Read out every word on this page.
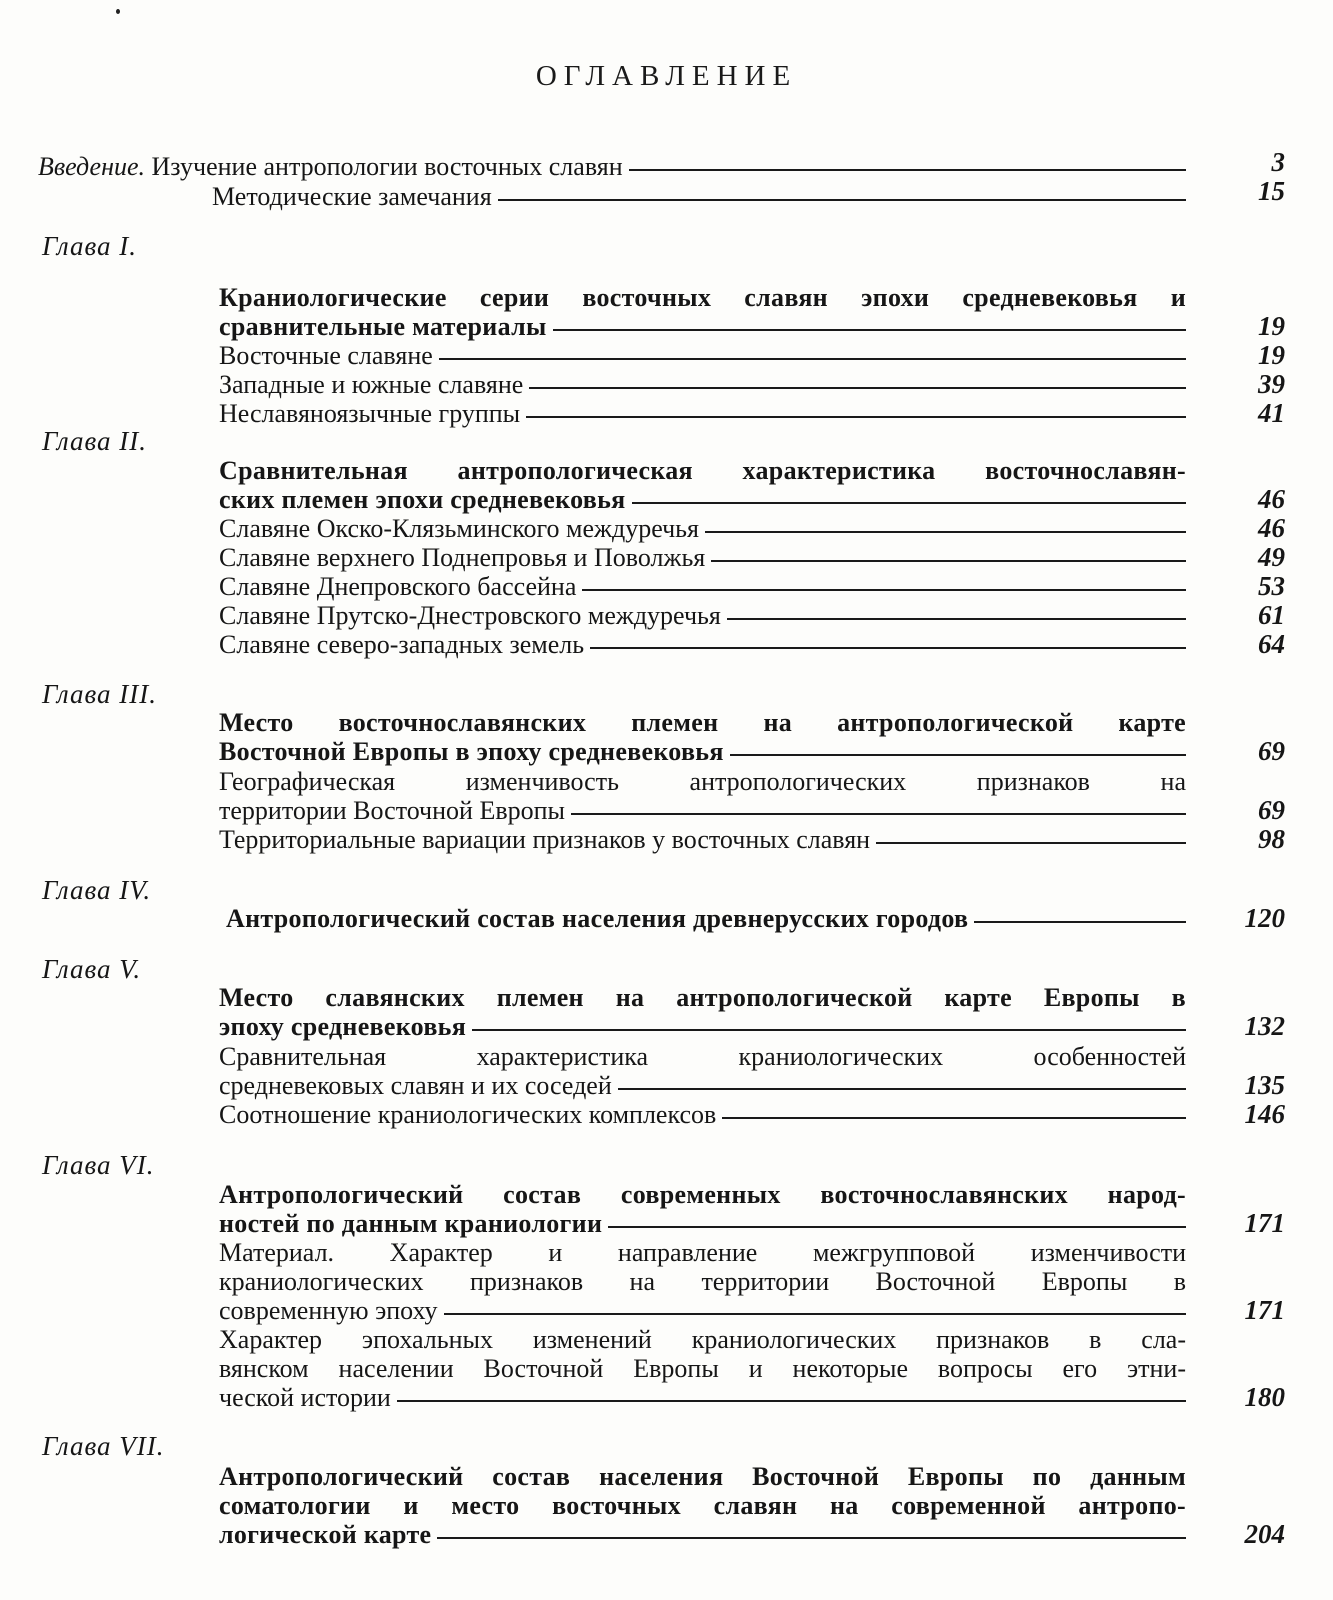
ОГЛАВЛЕНИЕ
Введение. Изучение антропологии восточных славян	3
Методические замечания	15
Глава I.
Краниологические серии восточных славян эпохи средневековья и
сравнительные материалы	19
Восточные славяне	19
Западные и южные славяне	39
Неславяноязычные группы	41
Глава II.
Сравнительная антропологическая характеристика восточнославян-
ских племен эпохи средневековья	46
Славяне Окско-Клязьминского междуречья	46
Славяне верхнего Поднепровья и Поволжья	49
Славяне Днепровского бассейна	53
Славяне Прутско-Днестровского междуречья	61
Славяне северо-западных земель	64
Глава III.
Место восточнославянских племен на антропологической карте
Восточной Европы в эпоху средневековья	69
Географическая изменчивость антропологических признаков на
территории Восточной Европы	69
Территориальные вариации признаков у восточных славян	98
Глава IV.
Антропологический состав населения древнерусских городов	120
Глава V.
Место славянских племен на антропологической карте Европы в
эпоху средневековья	132
Сравнительная характеристика краниологических особенностей
средневековых славян и их соседей	135
Соотношение краниологических комплексов	146
Глава VI.
Антропологический состав современных восточнославянских народ-
ностей по данным краниологии	171
Материал. Характер и направление межгрупповой изменчивости
краниологических признаков на территории Восточной Европы в
современную эпоху	171
Характер эпохальных изменений краниологических признаков в сла-
вянском населении Восточной Европы и некоторые вопросы его этни-
ческой истории	180
Глава VII.
Антропологический состав населения Восточной Европы по данным
соматологии и место восточных славян на современной антропо-
логической карте	204
